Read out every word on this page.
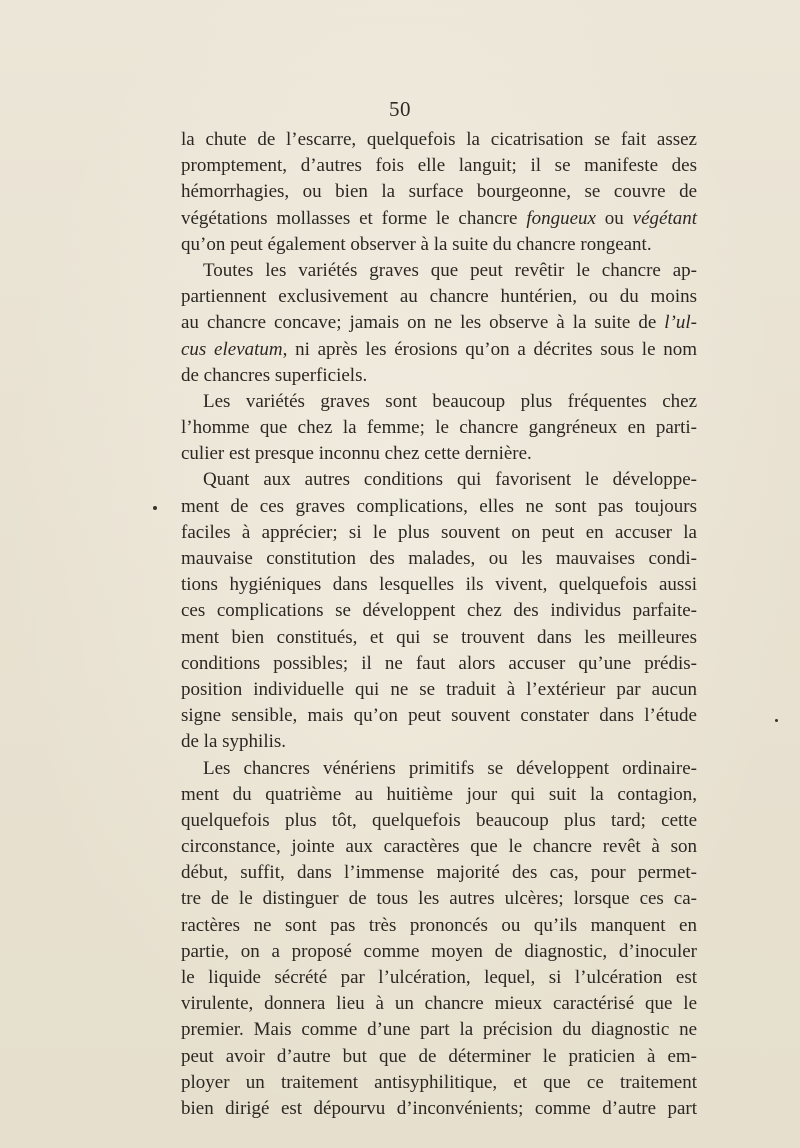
50
la chute de l’escarre, quelquefois la cicatrisation se fait assez
promptement, d’autres fois elle languit; il se manifeste des
hémorrhagies, ou bien la surface bourgeonne, se couvre de
végétations mollasses et forme le chancre fongueux ou végétant
qu’on peut également observer à la suite du chancre rongeant.
Toutes les variétés graves que peut revêtir le chancre ap-
partiennent exclusivement au chancre huntérien, ou du moins
au chancre concave; jamais on ne les observe à la suite de l’ul-
cus elevatum, ni après les érosions qu’on a décrites sous le nom
de chancres superficiels.
Les variétés graves sont beaucoup plus fréquentes chez
l’homme que chez la femme; le chancre gangréneux en parti-
culier est presque inconnu chez cette dernière.
Quant aux autres conditions qui favorisent le développe-
ment de ces graves complications, elles ne sont pas toujours
faciles à apprécier; si le plus souvent on peut en accuser la
mauvaise constitution des malades, ou les mauvaises condi-
tions hygiéniques dans lesquelles ils vivent, quelquefois aussi
ces complications se développent chez des individus parfaite-
ment bien constitués, et qui se trouvent dans les meilleures
conditions possibles; il ne faut alors accuser qu’une prédis-
position individuelle qui ne se traduit à l’extérieur par aucun
signe sensible, mais qu’on peut souvent constater dans l’étude
de la syphilis.
Les chancres vénériens primitifs se développent ordinaire-
ment du quatrième au huitième jour qui suit la contagion,
quelquefois plus tôt, quelquefois beaucoup plus tard; cette
circonstance, jointe aux caractères que le chancre revêt à son
début, suffit, dans l’immense majorité des cas, pour permet-
tre de le distinguer de tous les autres ulcères; lorsque ces ca-
ractères ne sont pas très prononcés ou qu’ils manquent en
partie, on a proposé comme moyen de diagnostic, d’inoculer
le liquide sécrété par l’ulcération, lequel, si l’ulcération est
virulente, donnera lieu à un chancre mieux caractérisé que le
premier. Mais comme d’une part la précision du diagnostic ne
peut avoir d’autre but que de déterminer le praticien à em-
ployer un traitement antisyphilitique, et que ce traitement
bien dirigé est dépourvu d’inconvénients; comme d’autre part
